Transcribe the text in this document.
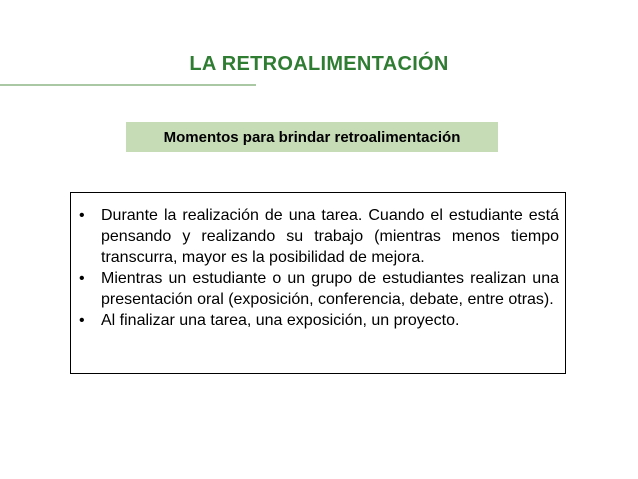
LA RETROALIMENTACIÓN
Momentos para brindar retroalimentación
•	Durante la realización de una tarea. Cuando el estudiante está pensando y realizando su trabajo (mientras menos tiempo transcurra, mayor es la posibilidad de mejora.
•	Mientras un estudiante o un grupo de estudiantes realizan una presentación oral (exposición, conferencia, debate, entre otras).
•	Al finalizar una tarea, una exposición, un proyecto.
